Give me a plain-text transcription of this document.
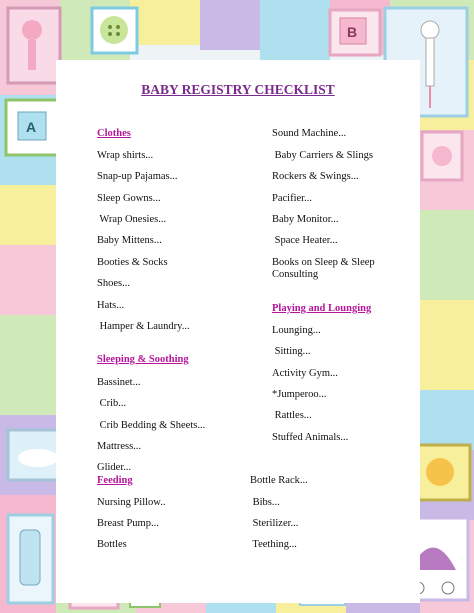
B
A
BABY REGISTRY CHECKLIST
Clothes
Wrap shirts...
Snap-up Pajamas...
Sleep Gowns...
Wrap Onesies...
Baby Mittens...
Booties & Socks
Shoes...
Hats...
Hamper & Laundry...
Sleeping & Soothing
Bassinet...
Crib...
Crib Bedding & Sheets...
Mattress...
Glider...
Feeding
Nursing Pillow..
Breast Pump...
Bottles
Sound Machine...
Baby Carriers & Slings
Rockers & Swings...
Pacifier...
Baby Monitor...
Space Heater...
Books on Sleep & Sleep Consulting
Playing and Lounging
Lounging...
Sitting...
Activity Gym...
*Jumperoo...
Rattles...
Stuffed Animals...
Bottle Rack...
Bibs...
Sterilizer...
Teething...
